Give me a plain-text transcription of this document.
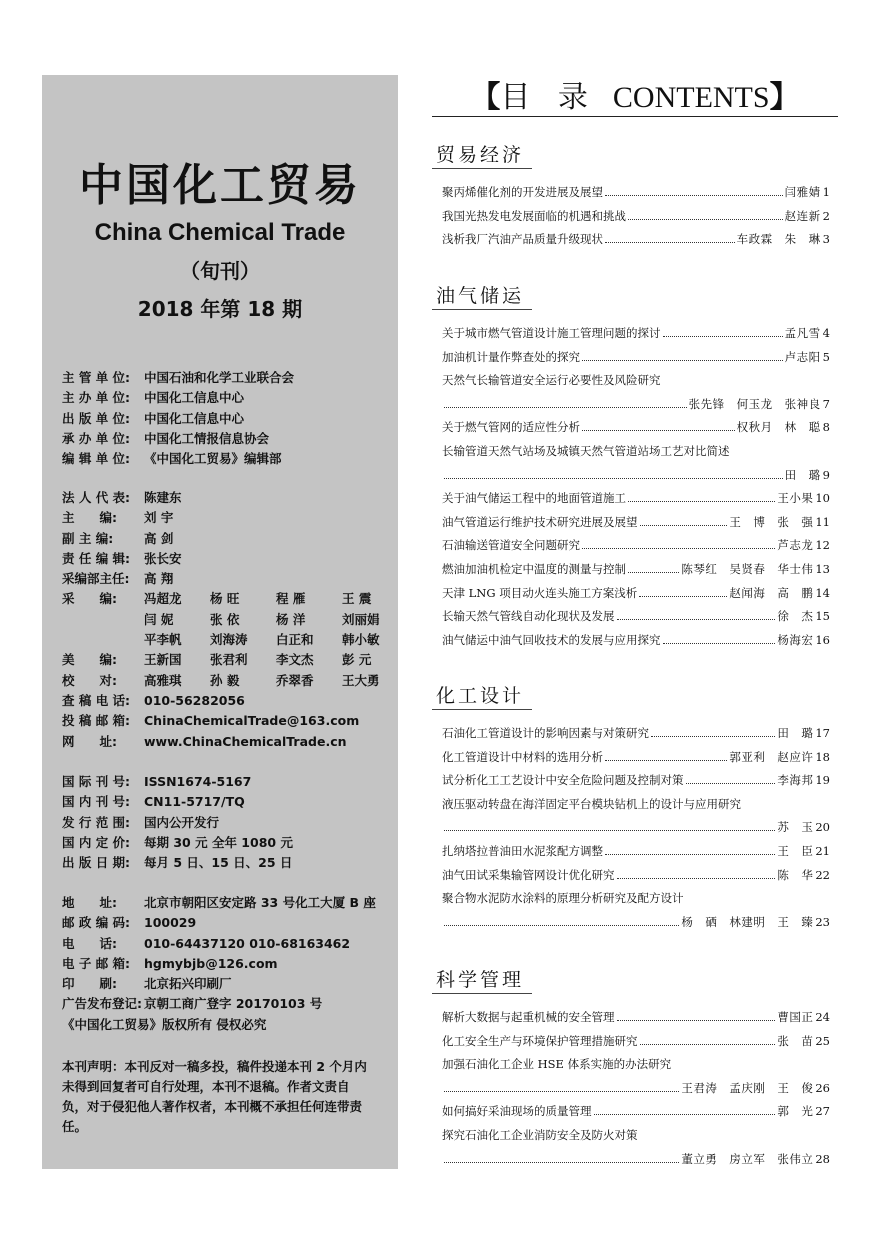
中国化工贸易
China Chemical Trade
（旬刊）
2018 年第 18 期
主 管 单 位:	中国石油和化学工业联合会
主 办 单 位:	中国化工信息中心
出 版 单 位:	中国化工信息中心
承 办 单 位:	中国化工情报信息协会
编 辑 单 位:	《中国化工贸易》编辑部
法 人 代 表:	陈建东
主　　编:	刘 宇
副 主 编:	高 剑
责 任 编 辑:	张长安
采编部主任:	高 翔
采　　编:	冯超龙 杨 旺	程 雁	王 震
闫 妮	张 依	杨 洋	刘丽娟
平李帆 刘海涛 白正和 韩小敏
美　　编:	王新国 张君利 李文杰 彭 元
校　　对:	高雅琪 孙 毅	乔翠香 王大勇
查 稿 电 话:	010-56282056
投 稿 邮 箱:	ChinaChemicalTrade@163.com
网　　址:	www.ChinaChemicalTrade.cn
国 际 刊 号:	ISSN1674-5167
国 内 刊 号:	CN11-5717/TQ
发 行 范 围:	国内公开发行
国 内 定 价:	每期 30 元 全年 1080 元
出 版 日 期:	每月 5 日、15 日、25 日
地　　址:	北京市朝阳区安定路 33 号化工大厦 B 座
邮 政 编 码:	100029
电　　话:	010-64437120 010-68163462
电 子 邮 箱:	hgmybjb@126.com
印　　刷:	北京拓兴印刷厂
广告发布登记: 京朝工商广登字 20170103 号
《中国化工贸易》版权所有 侵权必究
本刊声明：本刊反对一稿多投，稿件投递本刊 2 个月内未得到回复者可自行处理，本刊不退稿。作者文责自负，对于侵犯他人著作权者，本刊概不承担任何连带责任。
【目 录 CONTENTS】
贸易经济
聚丙烯催化剂的开发进展及展望	闫雅婧 1
我国光热发电发展面临的机遇和挑战	赵连新 2
浅析我厂汽油产品质量升级现状	车政霖　朱　琳 3
油气储运
关于城市燃气管道设计施工管理问题的探讨	孟凡雪 4
加油机计量作弊查处的探究	卢志阳 5
天然气长输管道安全运行必要性及风险研究
张先锋　何玉龙　张神良 7
关于燃气管网的适应性分析	权秋月　林　聪 8
长输管道天然气站场及城镇天然气管道站场工艺对比简述
田　璐 9
关于油气储运工程中的地面管道施工	王小果 10
油气管道运行维护技术研究进展及展望	王　博　张　强 11
石油输送管道安全问题研究	芦志龙 12
燃油加油机检定中温度的测量与控制	陈琴红　吴贤春　华士伟 13
天津 LNG 项目动火连头施工方案浅析	赵闻海　高　鹏 14
长输天然气管线自动化现状及发展	徐　杰 15
油气储运中油气回收技术的发展与应用探究	杨海宏 16
化工设计
石油化工管道设计的影响因素与对策研究	田　璐 17
化工管道设计中材料的选用分析	郭亚利　赵应许 18
试分析化工工艺设计中安全危险问题及控制对策	李海邦 19
液压驱动转盘在海洋固定平台模块钻机上的设计与应用研究
苏　玉 20
扎纳塔拉普油田水泥浆配方调整	王　臣 21
油气田试采集输管网设计优化研究	陈　华 22
聚合物水泥防水涂料的原理分析研究及配方设计
杨　硒　林建明　王　臻 23
科学管理
解析大数据与起重机械的安全管理	曹国正 24
化工安全生产与环境保护管理措施研究	张　苗 25
加强石油化工企业 HSE 体系实施的办法研究
王君涛　孟庆刚　王　俊 26
如何搞好采油现场的质量管理	郭　光 27
探究石油化工企业消防安全及防火对策
董立勇　房立军　张伟立 28
